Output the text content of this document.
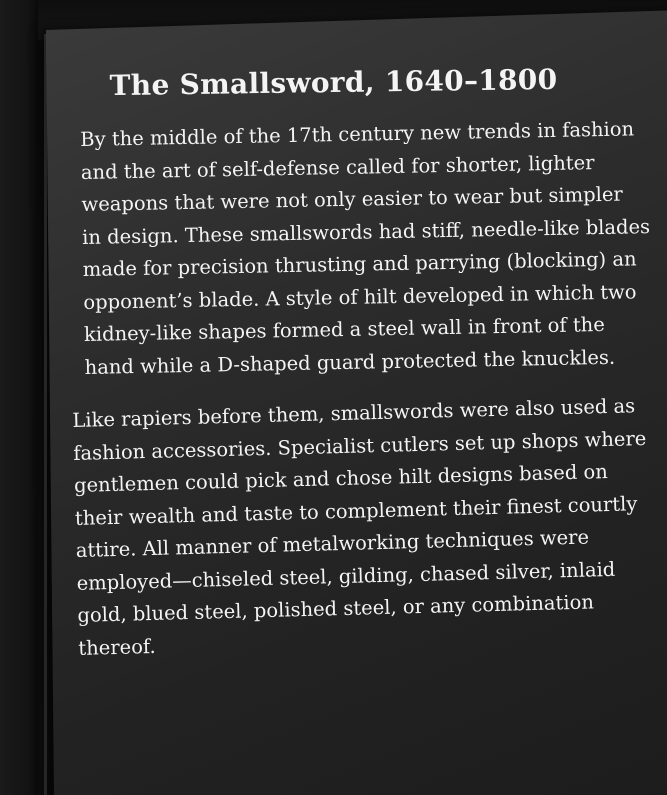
The Smallsword, 1640–1800

By the middle of the 17th century new trends in fashion
and the art of self-defense called for shorter, lighter
weapons that were not only easier to wear but simpler
in design. These smallswords had stiff, needle-like blades
made for precision thrusting and parrying (blocking) an
opponent’s blade. A style of hilt developed in which two
kidney-like shapes formed a steel wall in front of the
hand while a D-shaped guard protected the knuckles.

Like rapiers before them, smallswords were also used as
fashion accessories. Specialist cutlers set up shops where
gentlemen could pick and chose hilt designs based on
their wealth and taste to complement their finest courtly
attire. All manner of metalworking techniques were
employed—chiseled steel, gilding, chased silver, inlaid
gold, blued steel, polished steel, or any combination
thereof.
